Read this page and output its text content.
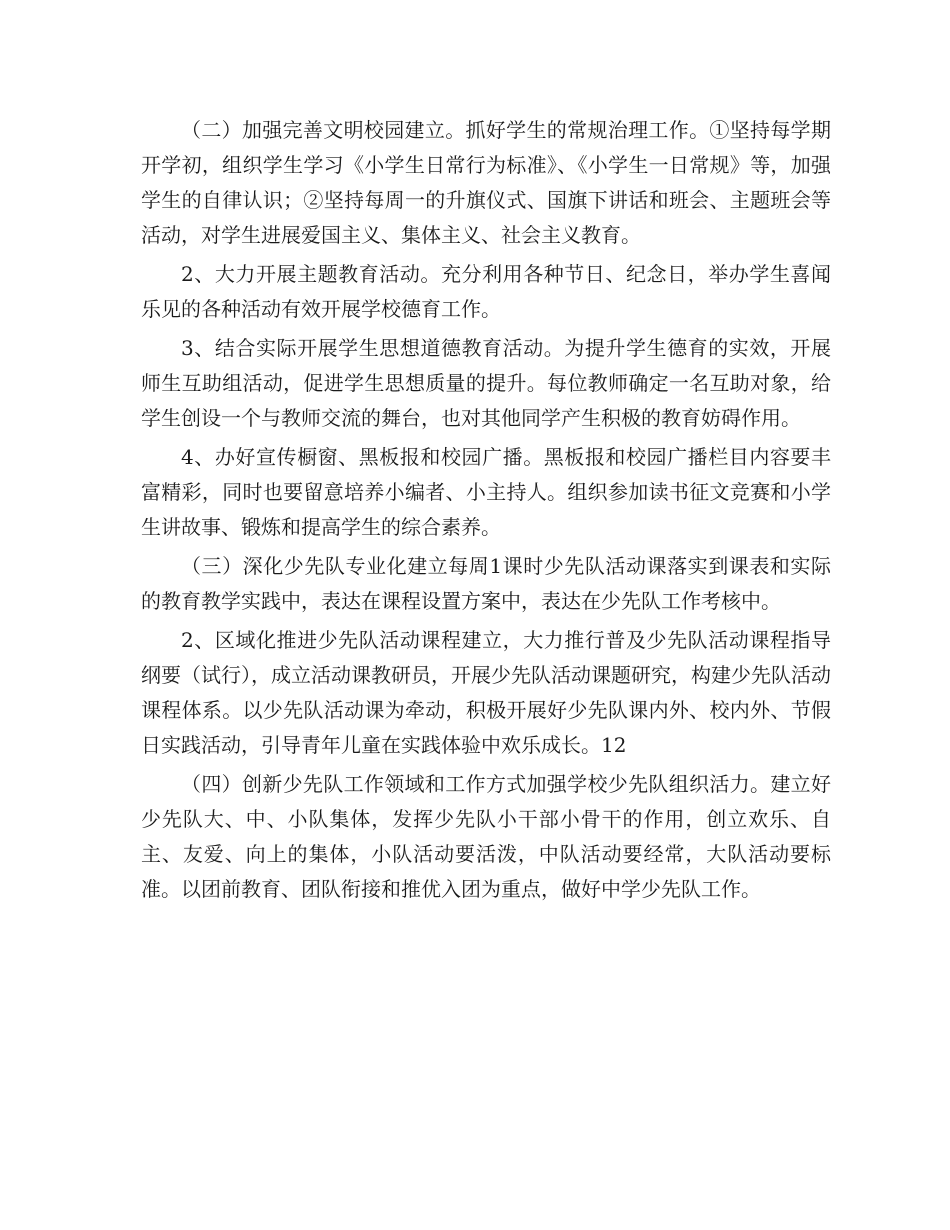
（二）加强完善文明校园建立。抓好学生的常规治理工作。①坚持每学期开学初，组织学生学习《小学生日常行为标准》、《小学生一日常规》等，加强学生的自律认识；②坚持每周一的升旗仪式、国旗下讲话和班会、主题班会等活动，对学生进展爱国主义、集体主义、社会主义教育。

2、大力开展主题教育活动。充分利用各种节日、纪念日，举办学生喜闻乐见的各种活动有效开展学校德育工作。

3、结合实际开展学生思想道德教育活动。为提升学生德育的实效，开展师生互助组活动，促进学生思想质量的提升。每位教师确定一名互助对象，给学生创设一个与教师交流的舞台，也对其他同学产生积极的教育妨碍作用。

4、办好宣传橱窗、黑板报和校园广播。黑板报和校园广播栏目内容要丰富精彩，同时也要留意培养小编者、小主持人。组织参加读书征文竞赛和小学生讲故事、锻炼和提高学生的综合素养。

（三）深化少先队专业化建立每周1课时少先队活动课落实到课表和实际的教育教学实践中，表达在课程设置方案中，表达在少先队工作考核中。

2、区域化推进少先队活动课程建立，大力推行普及少先队活动课程指导纲要（试行），成立活动课教研员，开展少先队活动课题研究，构建少先队活动课程体系。以少先队活动课为牵动，积极开展好少先队课内外、校内外、节假日实践活动，引导青年儿童在实践体验中欢乐成长。12

（四）创新少先队工作领域和工作方式加强学校少先队组织活力。建立好少先队大、中、小队集体，发挥少先队小干部小骨干的作用，创立欢乐、自主、友爱、向上的集体，小队活动要活泼，中队活动要经常，大队活动要标准。以团前教育、团队衔接和推优入团为重点，做好中学少先队工作。
